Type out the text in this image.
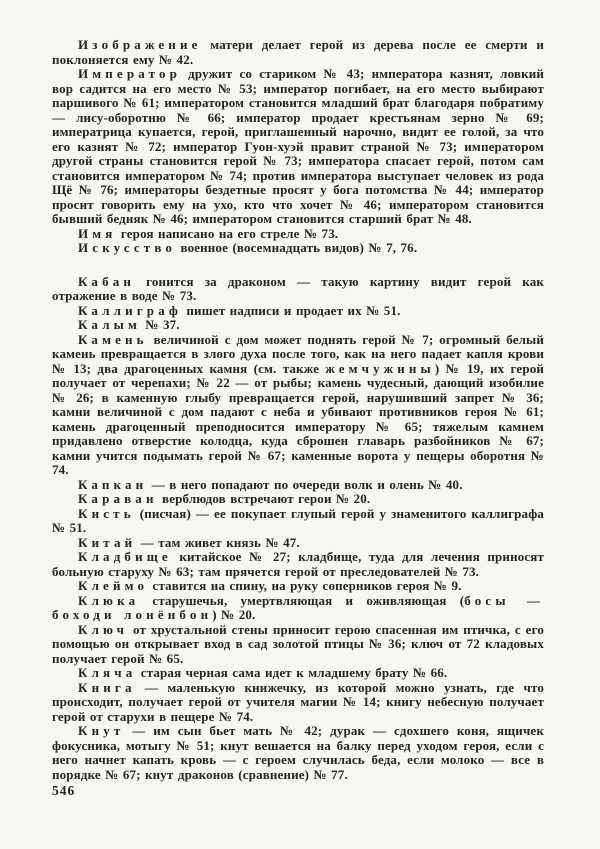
Изображение матери делает герой из дерева после ее смерти и поклоняется ему № 42.

Император дружит со стариком № 43; императора казнят, ловкий вор садится на его место № 53; император погибает, на его место выбирают паршивого № 61; императором становится младший брат благодаря побратиму — лису-оборотню № 66; император продает крестьянам зерно № 69; императрица купается, герой, приглашенный нарочно, видит ее голой, за что его казнят № 72; император Гуон-хуэй правит страной № 73; императором другой страны становится герой № 73; императора спасает герой, потом сам становится императором № 74; против императора выступает человек из рода Щё № 76; императоры бездетные просят у бога потомства № 44; император просит говорить ему на ухо, кто что хочет № 46; императором становится бывший бедняк № 46; императором становится старший брат № 48.

Имя героя написано на его стреле № 73.

Искусство военное (восемнадцать видов) № 7, 76.

Кабан гонится за драконом — такую картину видит герой как отражение в воде № 73.

Каллиграф пишет надписи и продает их № 51.

Калым № 37.

Камень величиной с дом может поднять герой № 7; огромный белый камень превращается в злого духа после того, как на него падает капля крови № 13; два драгоценных камня (см. также жемчужины) № 19, их герой получает от черепахи; № 22 — от рыбы; камень чудесный, дающий изобилие № 26; в каменную глыбу превращается герой, нарушивший запрет № 36; камни величиной с дом падают с неба и убивают противников героя № 61; камень драгоценный преподносится императору № 65; тяжелым камнем придавлено отверстие колодца, куда сброшен главарь разбойников № 67; камни учится подымать герой № 67; каменные ворота у пещеры оборотня № 74.

Капкан — в него попадают по очереди волк и олень № 40.

Караван верблюдов встречают герои № 20.

Кисть (писчая) — ее покупает глупый герой у знаменитого каллиграфа № 51.

Китай — там живет князь № 47.

Кладбище китайское № 27; кладбище, туда для лечения приносят больную старуху № 63; там прячется герой от преследователей № 73.

Клеймо ставится на спину, на руку соперников героя № 9.

Клюка старушечья, умертвляющая и оживляющая (босы — боходи лонёнбон) № 20.

Ключ от хрустальной стены приносит герою спасенная им птичка, с его помощью он открывает вход в сад золотой птицы № 36; ключ от 72 кладовых получает герой № 65.

Кляча старая черная сама идет к младшему брату № 66.

Книга — маленькую книжечку, из которой можно узнать, где что происходит, получает герой от учителя магии № 14; книгу небесную получает герой от старухи в пещере № 74.

Кнут — им сын бьет мать № 42; дурак — сдохшего коня, ящичек фокусника, мотыгу № 51; кнут вешается на балку перед уходом героя, если с него начнет капать кровь — с героем случилась беда, если молоко — все в порядке № 67; кнут драконов (сравнение) № 77.

546
